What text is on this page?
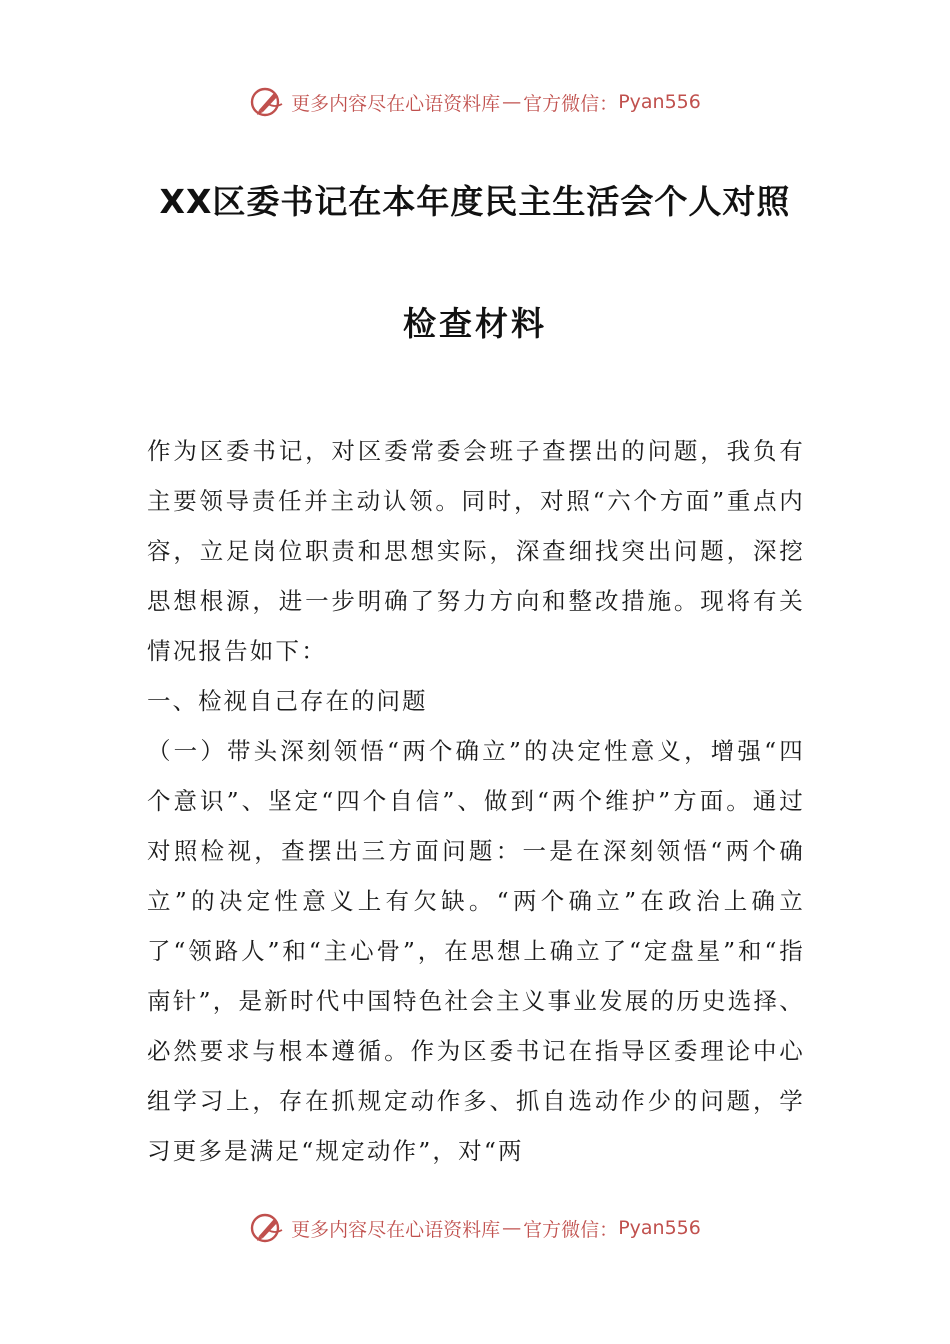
更多内容尽在心语资料库 — 官方微信： Pyan556
XX区委书记在本年度民主生活会个人对照
检查材料

作为区委书记，对区委常委会班子查摆出的问题，我负有主要领导责任并主动认领。同时，对照“六个方面”重点内容，立足岗位职责和思想实际，深查细找突出问题，深挖思想根源，进一步明确了努力方向和整改措施。现将有关情况报告如下：

一、检视自己存在的问题

（一）带头深刻领悟“两个确立”的决定性意义，增强“四个意识”、坚定“四个自信”、做到“两个维护”方面。通过对照检视，查摆出三方面问题：一是在深刻领悟“两个确立”的决定性意义上有欠缺。“两个确立”在政治上确立了“领路人”和“主心骨”，在思想上确立了“定盘星”和“指南针”，是新时代中国特色社会主义事业发展的历史选择、必然要求与根本遵循。作为区委书记在指导区委理论中心组学习上，存在抓规定动作多、抓自选动作少的问题，学习更多是满足“规定动作”，对“两

更多内容尽在心语资料库 — 官方微信： Pyan556
